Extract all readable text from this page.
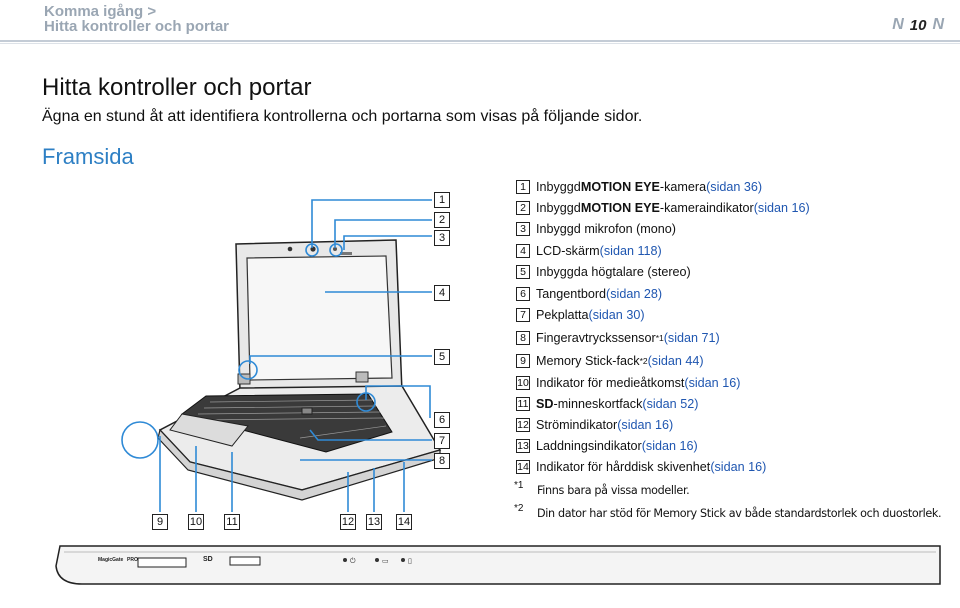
Komma igång >
Hitta kontroller och portar	N 10 N
Hitta kontroller och portar
Ägna en stund åt att identifiera kontrollerna och portarna som visas på följande sidor.
Framsida
⏻	▭	▯
MagicGate PRO	SD
1
2
3
4
5
6
7
8
9	10 11	12 13 14
1 Inbyggd MOTION EYE -kamera (sidan 36)
2 Inbyggd MOTION EYE -kameraindikator (sidan 16)
3 Inbyggd mikrofon (mono)
4 LCD-skärm (sidan 118)
5 Inbyggda högtalare (stereo)
6 Tangentbord (sidan 28)
7 Pekplatta (sidan 30)
8 Fingeravtryckssensor *1 (sidan 71)
9 Memory Stick-fack *2 (sidan 44)
10 Indikator för medieåtkomst (sidan 16)
11 SD -minneskortfack (sidan 52)
12 Strömindikator (sidan 16)
13 Laddningsindikator (sidan 16)
14 Indikator för hårddisk skivenhet (sidan 16)
*1 Finns bara på vissa modeller.
*2 Din dator har stöd för Memory Stick av både standardstorlek och duostorlek.
